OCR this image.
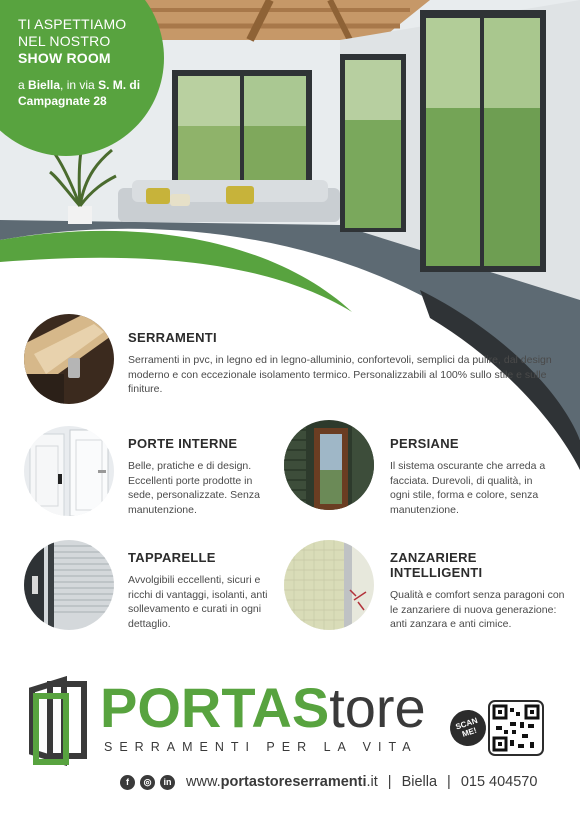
TI ASPETTIAMO
NEL NOSTRO
SHOW ROOM
a Biella, in via S. M. di Campagnate 28

SERRAMENTI

Serramenti in pvc, in legno ed in legno-alluminio, confortevoli, semplici da pulire, dal design moderno e con eccezionale isolamento termico. Personalizzabili al 100% sullo stile e sulle finiture.

PORTE INTERNE

Belle, pratiche e di design. Eccellenti porte prodotte in sede, personalizzate. Senza manutenzione.

PERSIANE

Il sistema oscurante che arreda a facciata. Durevoli, di qualità, in ogni stile, forma e colore, senza manutenzione.

TAPPARELLE

Avvolgibili eccellenti, sicuri e ricchi di vantaggi, isolanti, anti sollevamento e curati in ogni dettaglio.

ZANZARIERE INTELLIGENTI

Qualità e comfort senza paragoni con le zanzariere di nuova generazione: anti zanzara e anti cimice.

PORTAStore
SERRAMENTI PER LA VITA
SCAN ME!
f	◎	in www.portastoreserramenti.it | Biella | 015 404570
